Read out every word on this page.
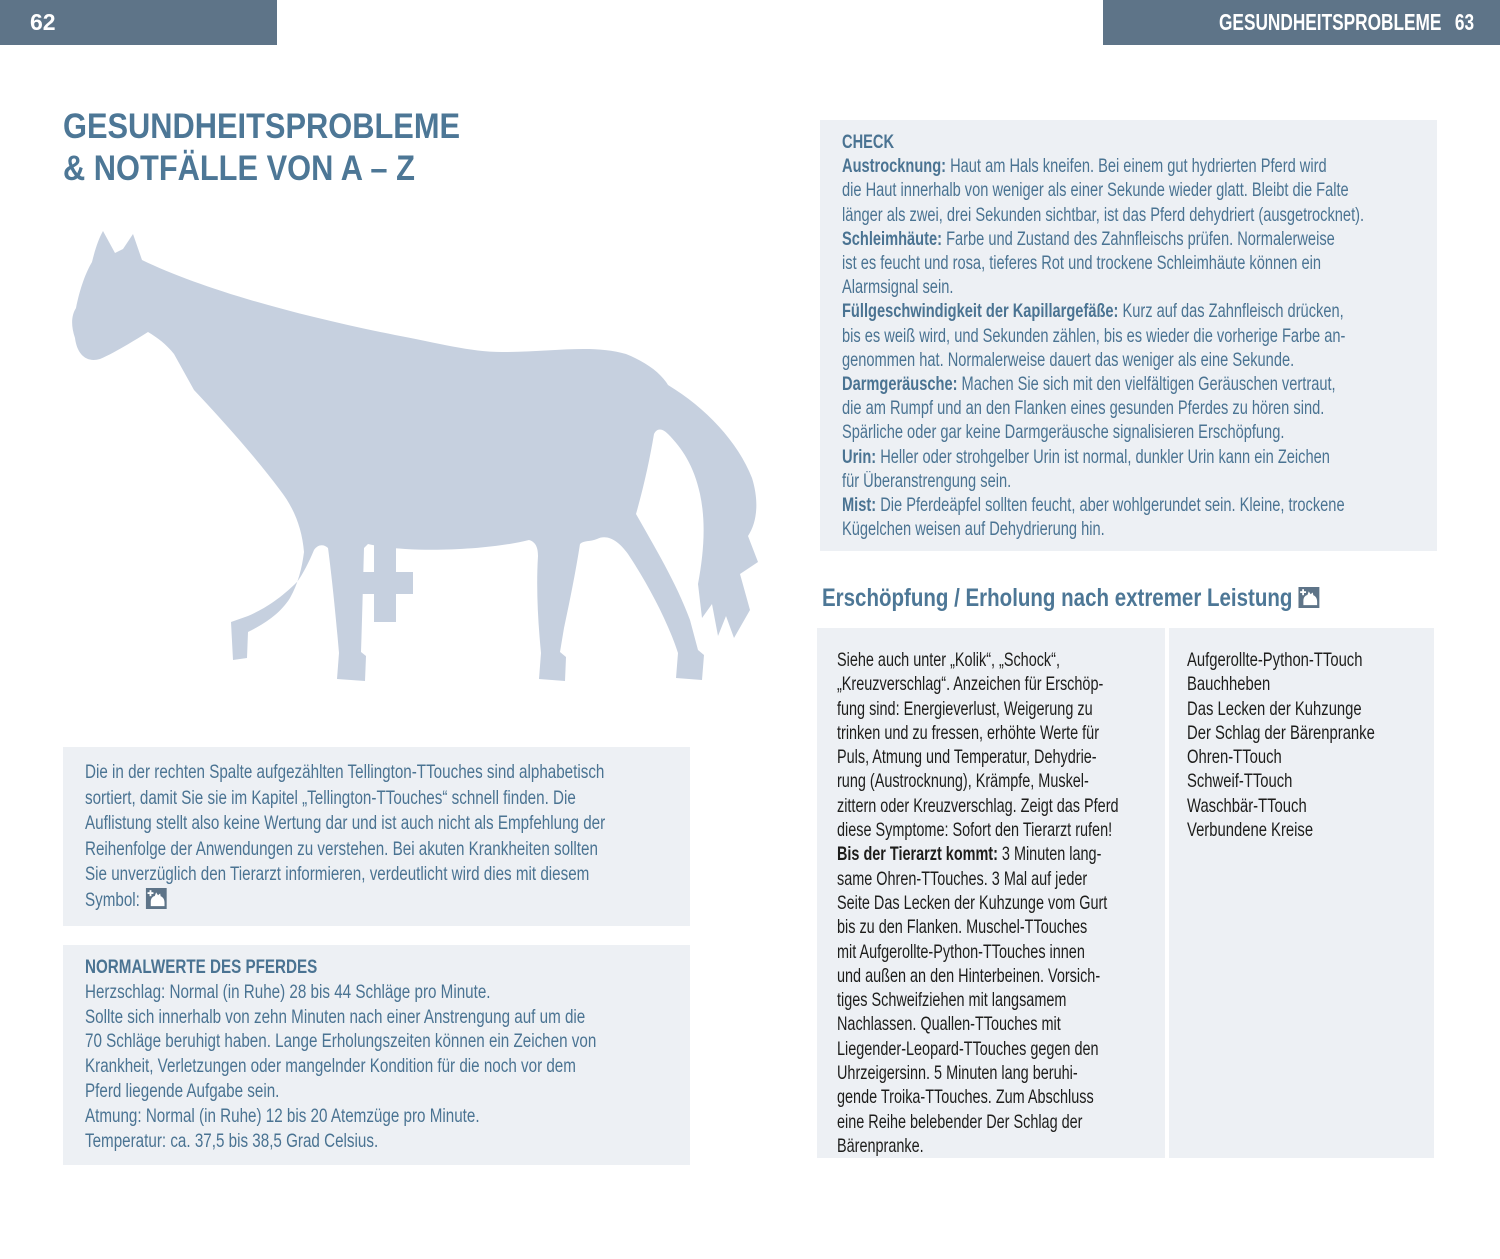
62	GESUNDHEITSPROBLEME 63
GESUNDHEITSPROBLEME
& NOTFÄLLE VON A – Z
Die in der rechten Spalte aufgezählten Tellington-TTouches sind alphabetisch
sortiert, damit Sie sie im Kapitel „Tellington-TTouches“ schnell finden. Die
Auflistung stellt also keine Wertung dar und ist auch nicht als Empfehlung der
Reihenfolge der Anwendungen zu verstehen. Bei akuten Krankheiten sollten
Sie unverzüglich den Tierarzt informieren, verdeutlicht wird dies mit diesem
Symbol:
NORMALWERTE DES PFERDES
Herzschlag: Normal (in Ruhe) 28 bis 44 Schläge pro Minute.
Sollte sich innerhalb von zehn Minuten nach einer Anstrengung auf um die
70 Schläge beruhigt haben. Lange Erholungszeiten können ein Zeichen von
Krankheit, Verletzungen oder mangelnder Kondition für die noch vor dem
Pferd liegende Aufgabe sein.
Atmung: Normal (in Ruhe) 12 bis 20 Atemzüge pro Minute.
Temperatur: ca. 37,5 bis 38,5 Grad Celsius.
CHECK
Austrocknung: Haut am Hals kneifen. Bei einem gut hydrierten Pferd wird
die Haut innerhalb von weniger als einer Sekunde wieder glatt. Bleibt die Falte
länger als zwei, drei Sekunden sichtbar, ist das Pferd dehydriert (ausgetrocknet).
Schleimhäute: Farbe und Zustand des Zahnfleischs prüfen. Normalerweise
ist es feucht und rosa, tieferes Rot und trockene Schleimhäute können ein
Alarmsignal sein.
Füllgeschwindigkeit der Kapillargefäße: Kurz auf das Zahnfleisch drücken,
bis es weiß wird, und Sekunden zählen, bis es wieder die vorherige Farbe an-
genommen hat. Normalerweise dauert das weniger als eine Sekunde.
Darmgeräusche: Machen Sie sich mit den vielfältigen Geräuschen vertraut,
die am Rumpf und an den Flanken eines gesunden Pferdes zu hören sind.
Spärliche oder gar keine Darmgeräusche signalisieren Erschöpfung.
Urin: Heller oder strohgelber Urin ist normal, dunkler Urin kann ein Zeichen
für Überanstrengung sein.
Mist: Die Pferdeäpfel sollten feucht, aber wohlgerundet sein. Kleine, trockene
Kügelchen weisen auf Dehydrierung hin.
Erschöpfung / Erholung nach extremer Leistung
Siehe auch unter „Kolik“, „Schock“,
„Kreuzverschlag“. Anzeichen für Erschöp-
fung sind: Energieverlust, Weigerung zu
trinken und zu fressen, erhöhte Werte für
Puls, Atmung und Temperatur, Dehydrie-
rung (Austrocknung), Krämpfe, Muskel-
zittern oder Kreuzverschlag. Zeigt das Pferd
diese Symptome: Sofort den Tierarzt rufen!
Bis der Tierarzt kommt: 3 Minuten lang-
same Ohren-TTouches. 3 Mal auf jeder
Seite Das Lecken der Kuhzunge vom Gurt
bis zu den Flanken. Muschel-TTouches
mit Aufgerollte-Python-TTouches innen
und außen an den Hinterbeinen. Vorsich-
tiges Schweifziehen mit langsamem
Nachlassen. Quallen-TTouches mit
Liegender-Leopard-TTouches gegen den
Uhrzeigersinn. 5 Minuten lang beruhi-
gende Troika-TTouches. Zum Abschluss
eine Reihe belebender Der Schlag der
Bärenpranke.
Aufgerollte-Python-TTouch
Bauchheben
Das Lecken der Kuhzunge
Der Schlag der Bärenpranke
Ohren-TTouch
Schweif-TTouch
Waschbär-TTouch
Verbundene Kreise
